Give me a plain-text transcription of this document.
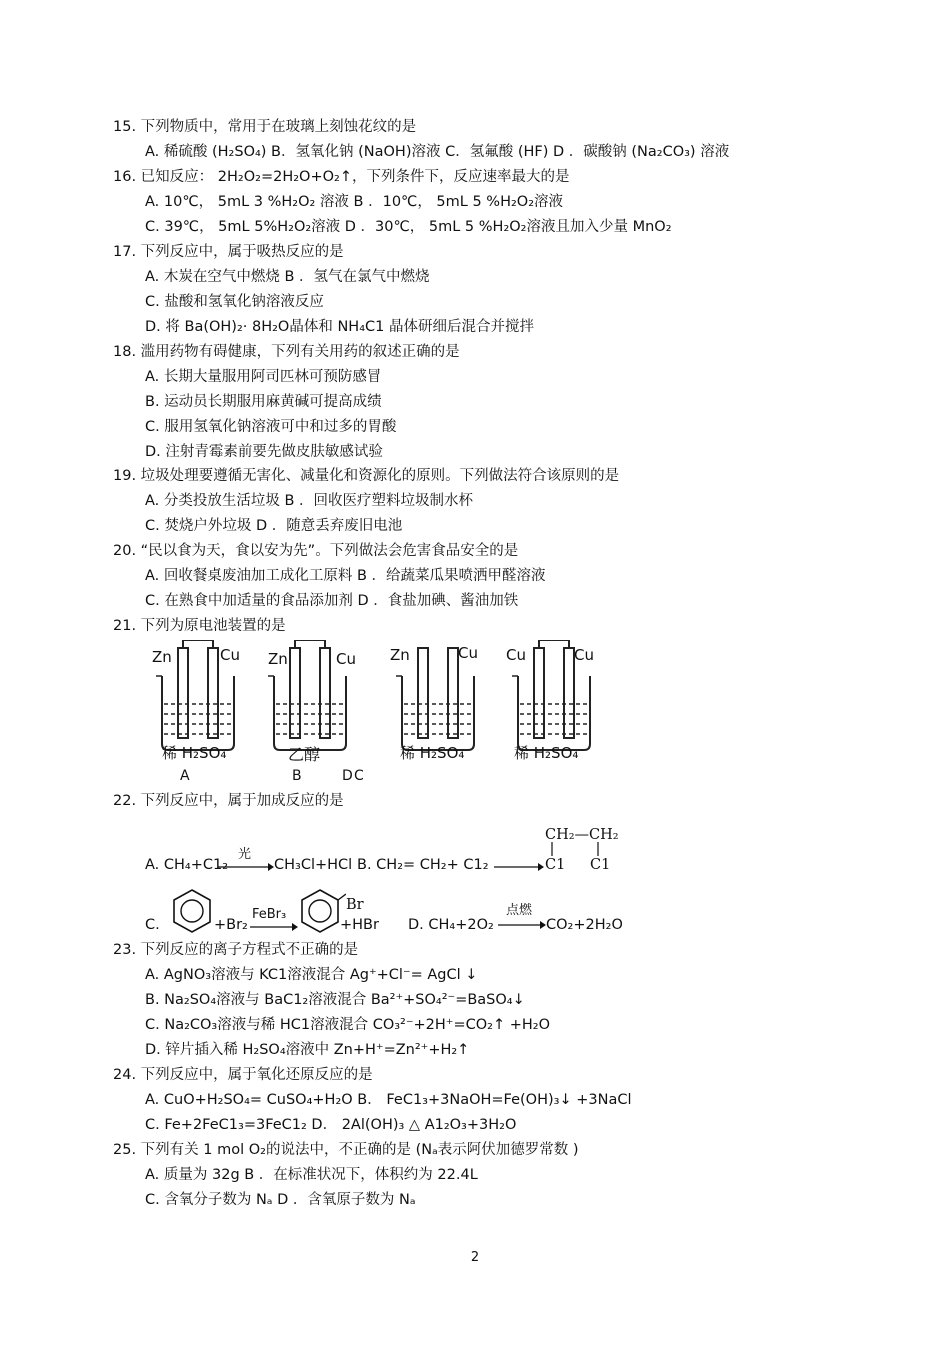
15. 下列物质中，常用于在玻璃上刻蚀花纹的是
A. 稀硫酸 (H₂SO₄) B．氢氧化钠 (NaOH)溶液 C．氢氟酸 (HF) D ．碳酸钠 (Na₂CO₃) 溶液
16. 已知反应： 2H₂O₂=2H₂O+O₂↑，下列条件下，反应速率最大的是
A. 10℃， 5mL 3 %H₂O₂ 溶液 B ．10℃， 5mL 5 %H₂O₂溶液
C. 39℃， 5mL 5%H₂O₂溶液 D ．30℃， 5mL 5 %H₂O₂溶液且加入少量 MnO₂
17. 下列反应中，属于吸热反应的是
A. 木炭在空气中燃烧 B ．氢气在氯气中燃烧
C. 盐酸和氢氧化钠溶液反应
D. 将 Ba(OH)₂· 8H₂O晶体和 NH₄C1 晶体研细后混合并搅拌
18. 滥用药物有碍健康，下列有关用药的叙述正确的是
A. 长期大量服用阿司匹林可预防感冒
B. 运动员长期服用麻黄碱可提高成绩
C. 服用氢氧化钠溶液可中和过多的胃酸
D. 注射青霉素前要先做皮肤敏感试验
19. 垃圾处理要遵循无害化、减量化和资源化的原则。下列做法符合该原则的是
A. 分类投放生活垃圾 B ．回收医疗塑料垃圾制水杯
C. 焚烧户外垃圾 D ．随意丢弃废旧电池
20. “民以食为天，食以安为先”。下列做法会危害食品安全的是
A. 回收餐桌废油加工成化工原料 B ．给蔬菜瓜果喷洒甲醛溶液
C. 在熟食中加适量的食品添加剂 D ．食盐加碘、酱油加铁
21. 下列为原电池装置的是
Zn	Cu
稀 H₂SO₄
A
Zn	Cu
乙醇
B
Zn	Cu
稀 H₂SO₄
C
Cu	Cu
稀 H₂SO₄
D
22. 下列反应中，属于加成反应的是
A. CH₄+C1₂
光
CH₃Cl+HCl B. CH₂= CH₂+ C1₂
CH₂—CH₂
C1 C1
C.	+Br₂
FeBr₃
Br
+HBr D. CH₄+2O₂
点燃
CO₂+2H₂O
23. 下列反应的离子方程式不正确的是
A. AgNO₃溶液与 KC1溶液混合 Ag⁺+Cl⁻= AgCl ↓
B. Na₂SO₄溶液与 BaC1₂溶液混合 Ba²⁺+SO₄²⁻=BaSO₄↓
C. Na₂CO₃溶液与稀 HC1溶液混合 CO₃²⁻+2H⁺=CO₂↑ +H₂O
D. 锌片插入稀 H₂SO₄溶液中 Zn+H⁺=Zn²⁺+H₂↑
24. 下列反应中，属于氧化还原反应的是
A. CuO+H₂SO₄= CuSO₄+H₂O B． FeC1₃+3NaOH=Fe(OH)₃↓ +3NaCl
C. Fe+2FeC1₃=3FeC1₂ D． 2Al(OH)₃ △ A1₂O₃+3H₂O
25. 下列有关 1 mol O₂的说法中，不正确的是 (Nₐ表示阿伏加德罗常数 )
A. 质量为 32g B ．在标准状况下，体积约为 22.4L
C. 含氧分子数为 Nₐ D ．含氧原子数为 Nₐ
2
